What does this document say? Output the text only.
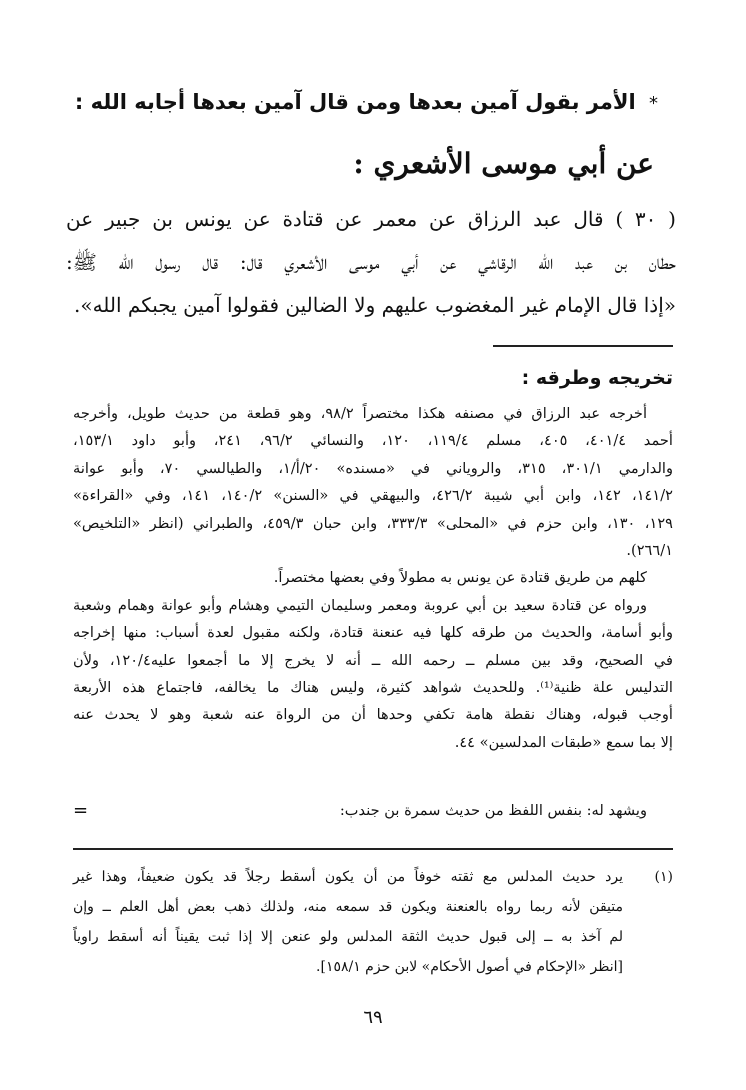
* الأمر بقول آمين بعدها ومن قال آمين بعدها أجابه الله :
عن أبي موسى الأشعري :
( ٣٠ ) قال عبد الرزاق عن معمر عن قتادة عن يونس بن جبير عن
حطان بن عبد الله الرقاشي عن أبي موسى الأشعري قال: قال رسول الله ﷺ:
«إذا قال الإمام غير المغضوب عليهم ولا الضالين فقولوا آمين يجبكم الله».
تخريجه وطرقه :
أخرجه عبد الرزاق في مصنفه هكذا مختصراً ٩٨/٢، وهو قطعة من حديث طويل، وأخرجه
أحمد ٤٠١/٤، ٤٠٥، مسلم ١١٩/٤، ١٢٠، والنسائي ٩٦/٢، ٢٤١، وأبو داود ١٥٣/١،
والدارمي ٣٠١/١، ٣١٥، والروياني في «مسنده» ٢٠/أ/١، والطيالسي ٧٠، وأبو عوانة
١٤١/٢، ١٤٢، وابن أبي شيبة ٤٢٦/٢، والبيهقي في «السنن» ١٤٠/٢، ١٤١، وفي «القراءة»
١٢٩، ١٣٠، وابن حزم في «المحلى» ٣٣٣/٣، وابن حبان ٤٥٩/٣، والطبراني (انظر «التلخيص»
٢٦٦/١).
كلهم من طريق قتادة عن يونس به مطولاً وفي بعضها مختصراً.
ورواه عن قتادة سعيد بن أبي عروبة ومعمر وسليمان التيمي وهشام وأبو عوانة وهمام وشعبة
وأبو أسامة، والحديث من طرقه كلها فيه عنعنة قتادة، ولكنه مقبول لعدة أسباب: منها إخراجه
في الصحيح، وقد بين مسلم ــ رحمه الله ــ أنه لا يخرج إلا ما أجمعوا عليه١٢٠/٤، ولأن
التدليس علة ظنية⁽¹⁾. وللحديث شواهد كثيرة، وليس هناك ما يخالفه، فاجتماع هذه الأربعة
أوجب قبوله، وهناك نقطة هامة تكفي وحدها أن من الرواة عنه شعبة وهو لا يحدث عنه
إلا بما سمع «طبقات المدلسين» ٤٤.
ويشهد له: بنفس اللفظ من حديث سمرة بن جندب:
=
(١)
يرد حديث المدلس مع ثقته خوفاً من أن يكون أسقط رجلاً قد يكون ضعيفاً، وهذا غير
متيقن لأنه ربما رواه بالعنعنة ويكون قد سمعه منه، ولذلك ذهب بعض أهل العلم ــ وإن
لم آخذ به ــ إلى قبول حديث الثقة المدلس ولو عنعن إلا إذا ثبت يقيناً أنه أسقط راوياً
[انظر «الإحكام في أصول الأحكام» لابن حزم ١٥٨/١].
٦٩
